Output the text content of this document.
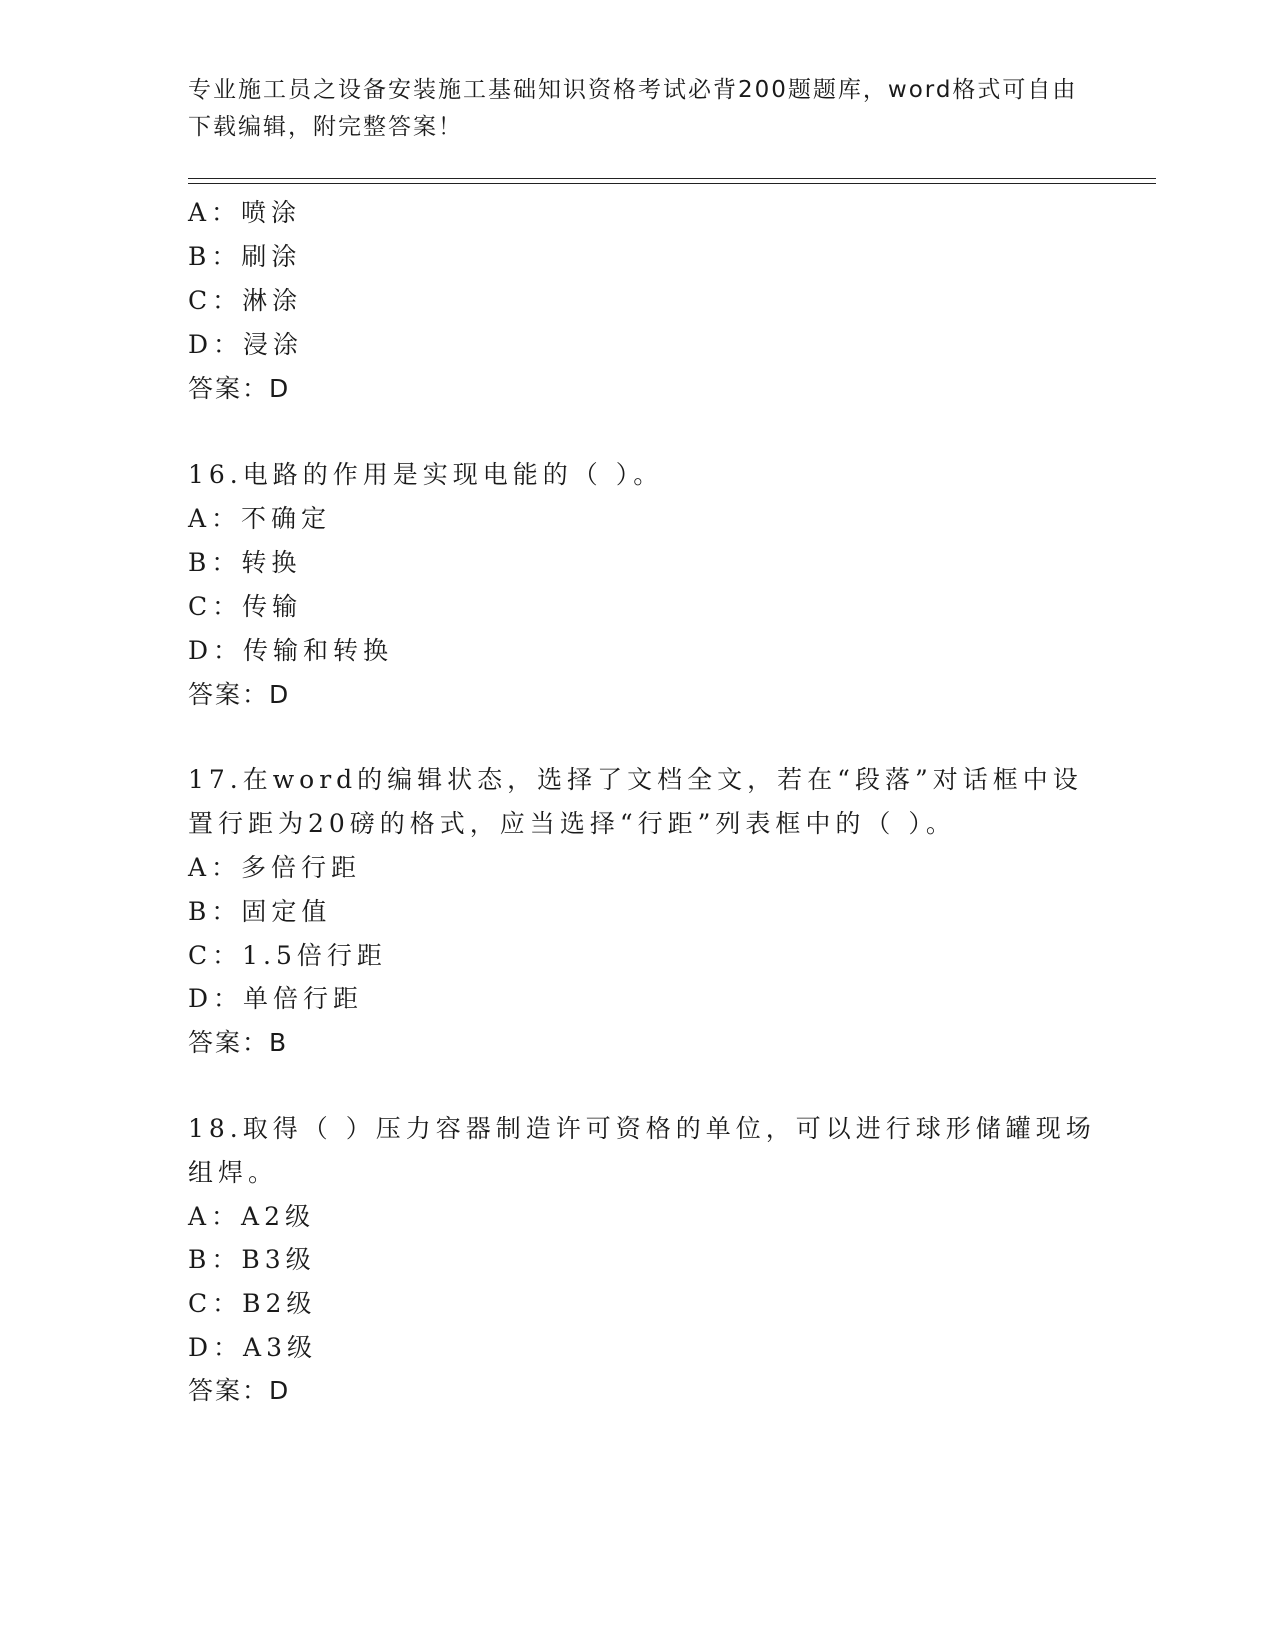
专业施工员之设备安装施工基础知识资格考试必背200题题库，word格式可自由
下载编辑，附完整答案！
A：喷涂
B：刷涂
C：淋涂
D：浸涂
答案：D
16.电路的作用是实现电能的（ ）。
A：不确定
B：转换
C：传输
D：传输和转换
答案：D
17.在word的编辑状态，选择了文档全文，若在“段落”对话框中设
置行距为20磅的格式，应当选择“行距”列表框中的（ ）。
A：多倍行距
B：固定值
C：1.5倍行距
D：单倍行距
答案：B
18.取得（ ）压力容器制造许可资格的单位，可以进行球形储罐现场
组焊。
A：A2级
B：B3级
C：B2级
D：A3级
答案：D
